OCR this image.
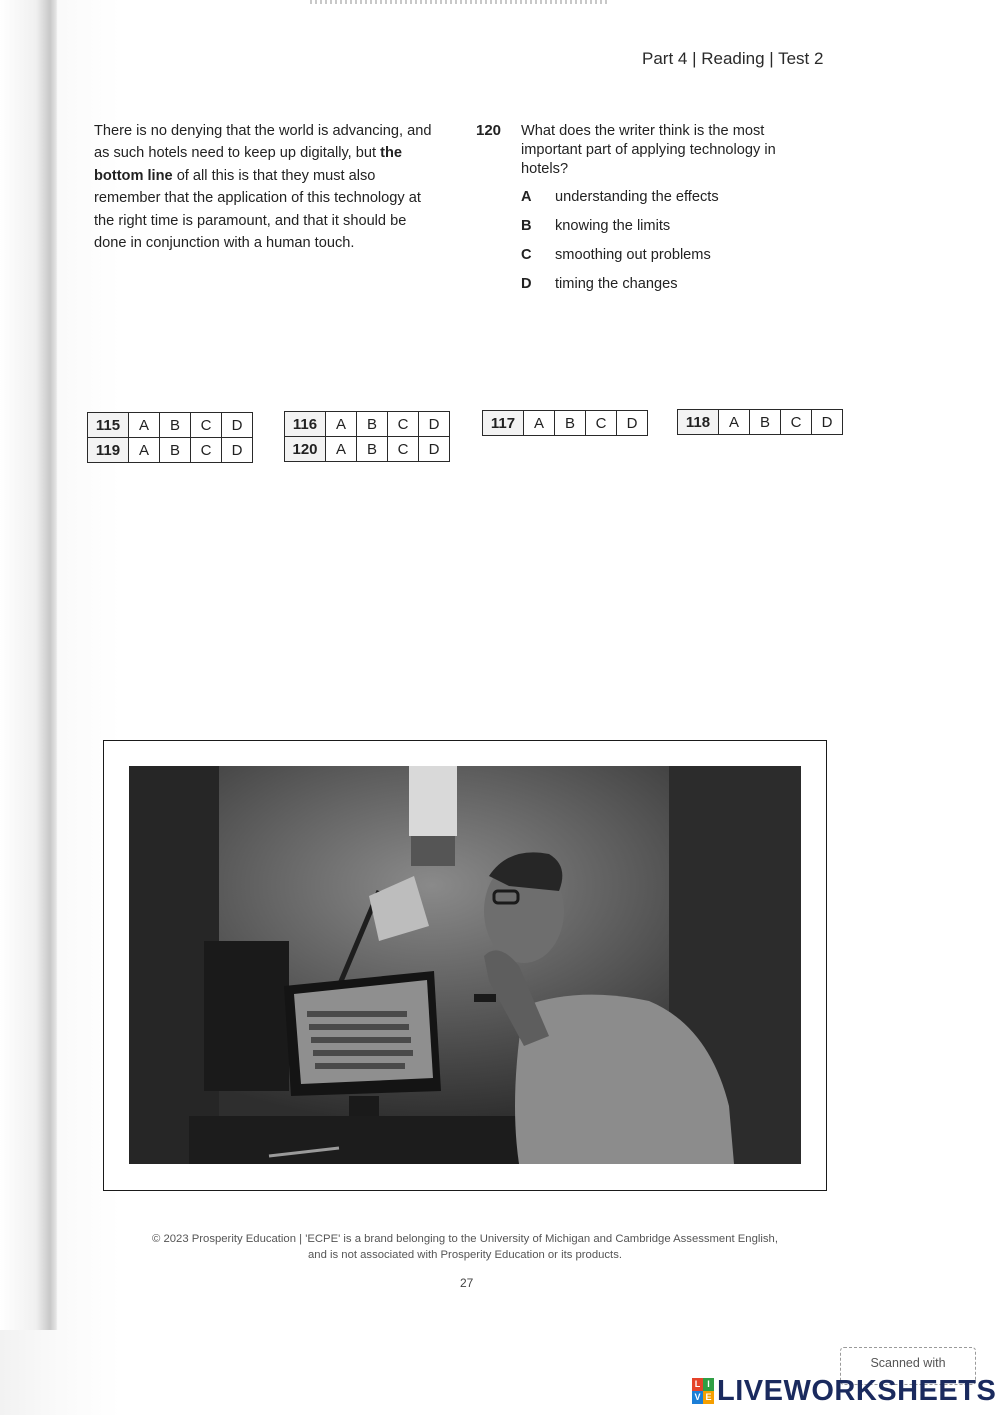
Part 4 | Reading | Test 2
There is no denying that the world is advancing, and as such hotels need to keep up digitally, but the bottom line of all this is that they must also remember that the application of this technology at the right time is paramount, and that it should be done in conjunction with a human touch.
120 What does the writer think is the most important part of applying technology in hotels?
A understanding the effects
B knowing the limits
C smoothing out problems
D timing the changes
115	A	B	C	D
119	A	B	C	D
116	A	B	C	D
120	A	B	C	D
117	A	B	C	D	118	A	B	C	D
© 2023 Prosperity Education | 'ECPE' is a brand belonging to the University of Michigan and Cambridge Assessment English,
and is not associated with Prosperity Education or its products.
27
Scanned with
L I
V E LIVEWORKSHEETS
